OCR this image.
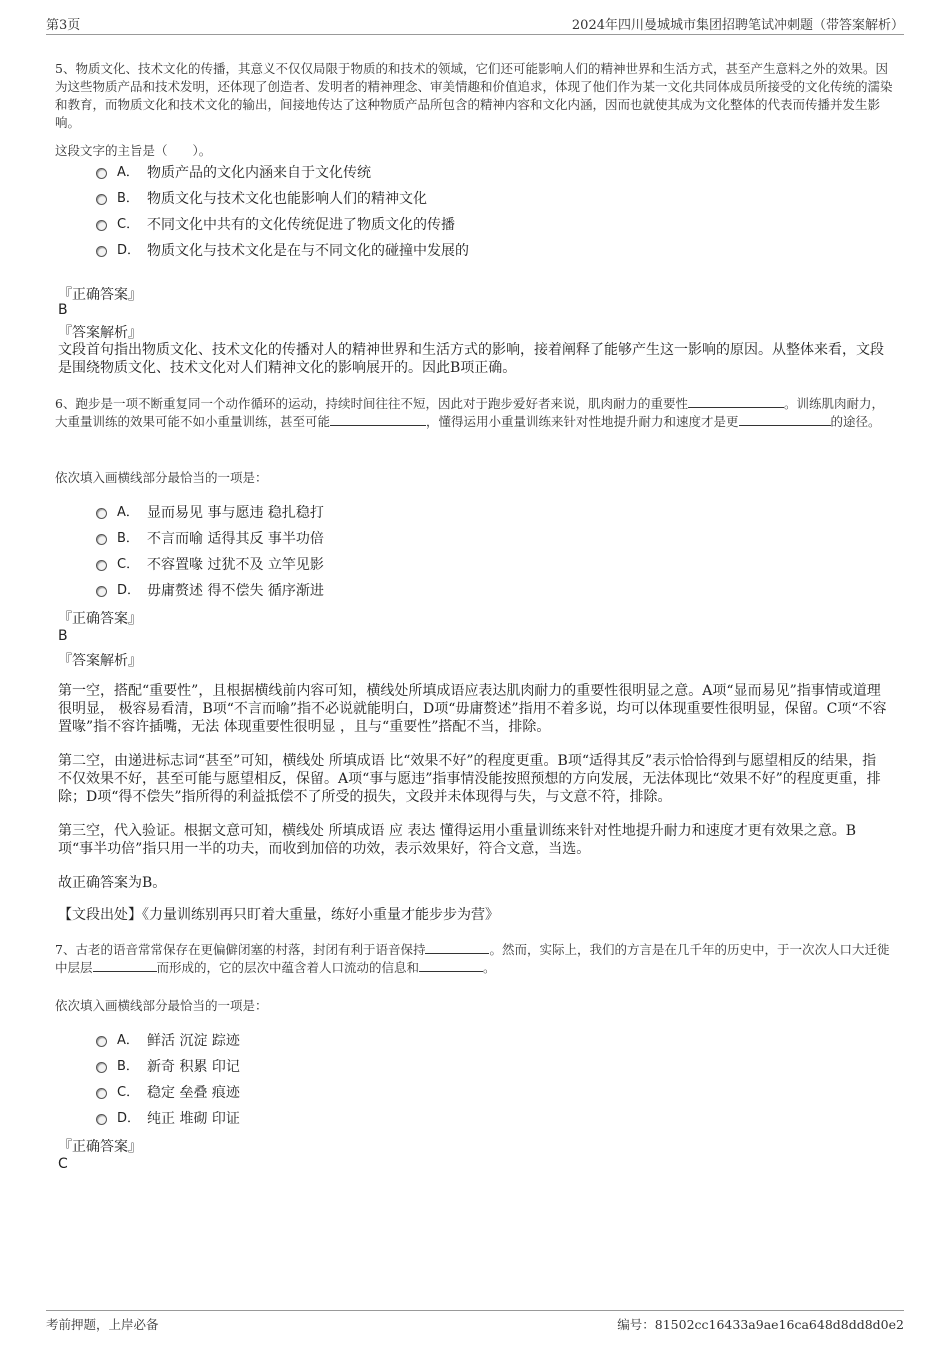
第3页	2024年四川曼城城市集团招聘笔试冲刺题（带答案解析）
5、物质文化、技术文化的传播，其意义不仅仅局限于物质的和技术的领域，它们还可能影响人们的精神世界和生活方式，甚至产生意料之外的效果。因为这些物质产品和技术发明，还体现了创造者、发明者的精神理念、审美情趣和价值追求，体现了他们作为某一文化共同体成员所接受的文化传统的濡染和教育，而物质文化和技术文化的输出，间接地传达了这种物质产品所包含的精神内容和文化内涵，因而也就使其成为文化整体的代表而传播并发生影响。
这段文字的主旨是（　　）。
A． 物质产品的文化内涵来自于文化传统
B． 物质文化与技术文化也能影响人们的精神文化
C． 不同文化中共有的文化传统促进了物质文化的传播
D． 物质文化与技术文化是在与不同文化的碰撞中发展的
『正确答案』
B
『答案解析』
文段首句指出物质文化、技术文化的传播对人的精神世界和生活方式的影响，接着阐释了能够产生这一影响的原因。从整体来看，文段是围绕物质文化、技术文化对人们精神文化的影响展开的。因此B项正确。
6、跑步是一项不断重复同一个动作循环的运动，持续时间往往不短，因此对于跑步爱好者来说，肌肉耐力的重要性	。训练肌肉耐力，大重量训练的效果可能不如小重量训练，甚至可能	，懂得运用小重量训练来针对性地提升耐力和速度才是更	的途径。
依次填入画横线部分最恰当的一项是：
A． 显而易见 事与愿违 稳扎稳打
B． 不言而喻 适得其反 事半功倍
C． 不容置喙 过犹不及 立竿见影
D． 毋庸赘述 得不偿失 循序渐进
『正确答案』
B
『答案解析』
第一空，搭配“重要性”，且根据横线前内容可知，横线处所填成语应表达肌肉耐力的重要性很明显之意。A项“显而易见”指事情或道理很明显， 极容易看清，B项“不言而喻”指不必说就能明白，D项“毋庸赘述”指用不着多说，均可以体现重要性很明显，保留。C项“不容置喙”指不容许插嘴，无法 体现重要性很明显 ，且与“重要性”搭配不当，排除。
第二空，由递进标志词“甚至”可知，横线处 所填成语 比“效果不好”的程度更重。B项“适得其反”表示恰恰得到与愿望相反的结果，指不仅效果不好，甚至可能与愿望相反，保留。A项“事与愿违”指事情没能按照预想的方向发展，无法体现比“效果不好”的程度更重，排除；D项“得不偿失”指所得的利益抵偿不了所受的损失，文段并未体现得与失，与文意不符，排除。
第三空，代入验证。根据文意可知，横线处 所填成语 应 表达 懂得运用小重量训练来针对性地提升耐力和速度才更有效果之意。B项“事半功倍”指只用一半的功夫，而收到加倍的功效，表示效果好，符合文意，当选。
故正确答案为B。
【文段出处】《力量训练别再只盯着大重量，练好小重量才能步步为营》
7、古老的语音常常保存在更偏僻闭塞的村落，封闭有利于语音保持	。然而，实际上，我们的方言是在几千年的历史中，于一次次人口大迁徙中层层	而形成的，它的层次中蕴含着人口流动的信息和	。
依次填入画横线部分最恰当的一项是：
A． 鲜活 沉淀 踪迹
B． 新奇 积累 印记
C． 稳定 垒叠 痕迹
D． 纯正 堆砌 印证
『正确答案』
C
考前押题，上岸必备	编号：81502cc16433a9ae16ca648d8dd8d0e2
